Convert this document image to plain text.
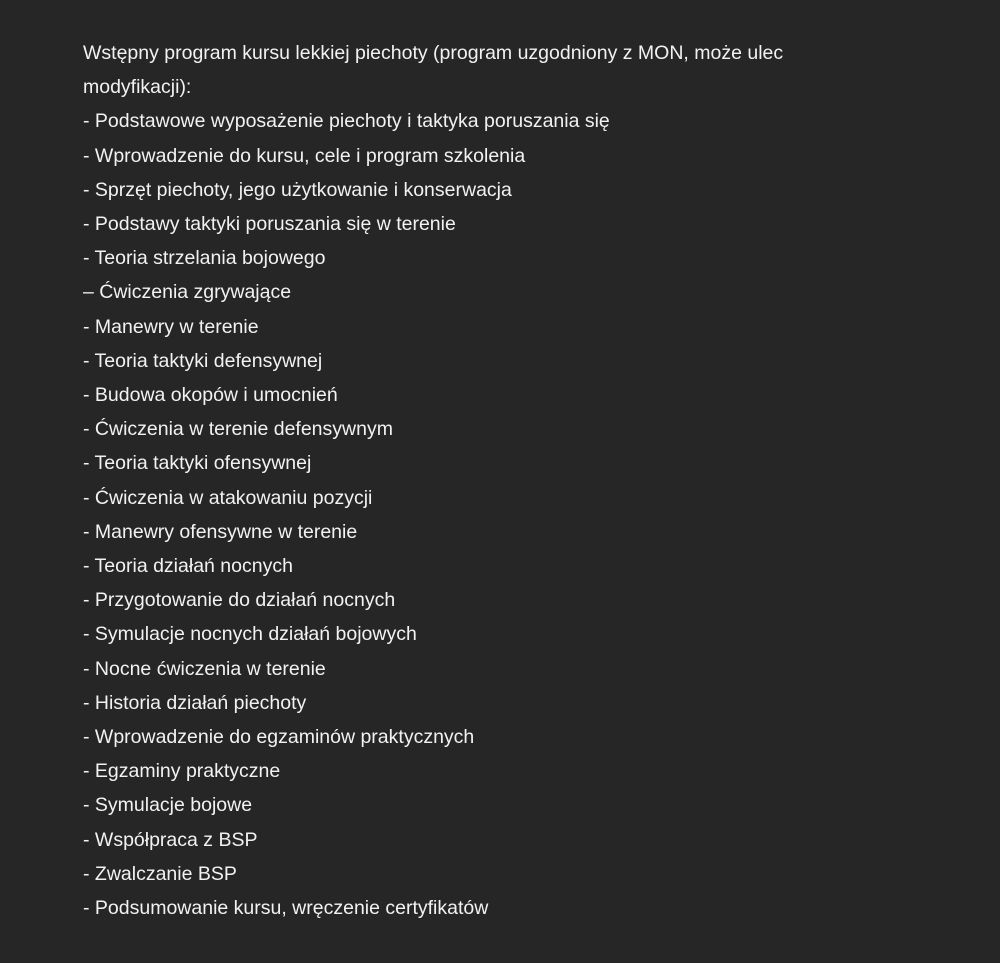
Wstępny program kursu lekkiej piechoty (program uzgodniony z MON, może ulec modyfikacji):

- Podstawowe wyposażenie piechoty i taktyka poruszania się
- Wprowadzenie do kursu, cele i program szkolenia
- Sprzęt piechoty, jego użytkowanie i konserwacja
- Podstawy taktyki poruszania się w terenie
- Teoria strzelania bojowego
– Ćwiczenia zgrywające
- Manewry w terenie
- Teoria taktyki defensywnej
- Budowa okopów i umocnień
- Ćwiczenia w terenie defensywnym
- Teoria taktyki ofensywnej
- Ćwiczenia w atakowaniu pozycji
- Manewry ofensywne w terenie
- Teoria działań nocnych
- Przygotowanie do działań nocnych
- Symulacje nocnych działań bojowych
- Nocne ćwiczenia w terenie
- Historia działań piechoty
- Wprowadzenie do egzaminów praktycznych
- Egzaminy praktyczne
- Symulacje bojowe
- Współpraca z BSP
- Zwalczanie BSP
- Podsumowanie kursu, wręczenie certyfikatów
